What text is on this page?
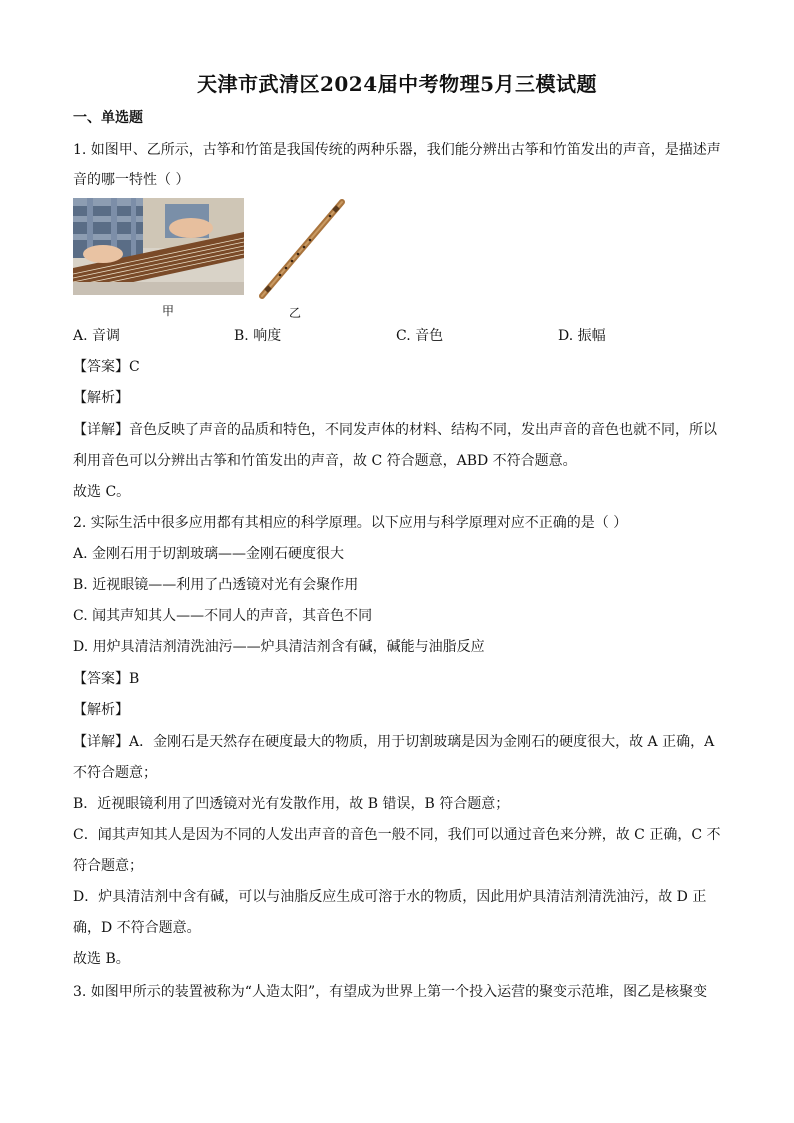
天津市武清区2024届中考物理5月三模试题
一、单选题
1. 如图甲、乙所示，古筝和竹笛是我国传统的两种乐器，我们能分辨出古筝和竹笛发出的声音，是描述声
音的哪一特性（ ）
甲	乙
A. 音调	B. 响度	C. 音色	D. 振幅
【答案】C
【解析】
【详解】音色反映了声音的品质和特色，不同发声体的材料、结构不同，发出声音的音色也就不同，所以
利用音色可以分辨出古筝和竹笛发出的声音，故 C 符合题意，ABD 不符合题意。
故选 C。
2. 实际生活中很多应用都有其相应的科学原理。以下应用与科学原理对应不正确的是（ ）
A. 金刚石用于切割玻璃——金刚石硬度很大
B. 近视眼镜——利用了凸透镜对光有会聚作用
C. 闻其声知其人——不同人的声音，其音色不同
D. 用炉具清洁剂清洗油污——炉具清洁剂含有碱，碱能与油脂反应
【答案】B
【解析】
【详解】A．金刚石是天然存在硬度最大的物质，用于切割玻璃是因为金刚石的硬度很大，故 A 正确，A
不符合题意；
B．近视眼镜利用了凹透镜对光有发散作用，故 B 错误，B 符合题意；
C．闻其声知其人是因为不同的人发出声音的音色一般不同，我们可以通过音色来分辨，故 C 正确，C 不
符合题意；
D．炉具清洁剂中含有碱，可以与油脂反应生成可溶于水的物质，因此用炉具清洁剂清洗油污，故 D 正
确，D 不符合题意。
故选 B。
3. 如图甲所示的装置被称为“人造太阳”，有望成为世界上第一个投入运营的聚变示范堆，图乙是核聚变
